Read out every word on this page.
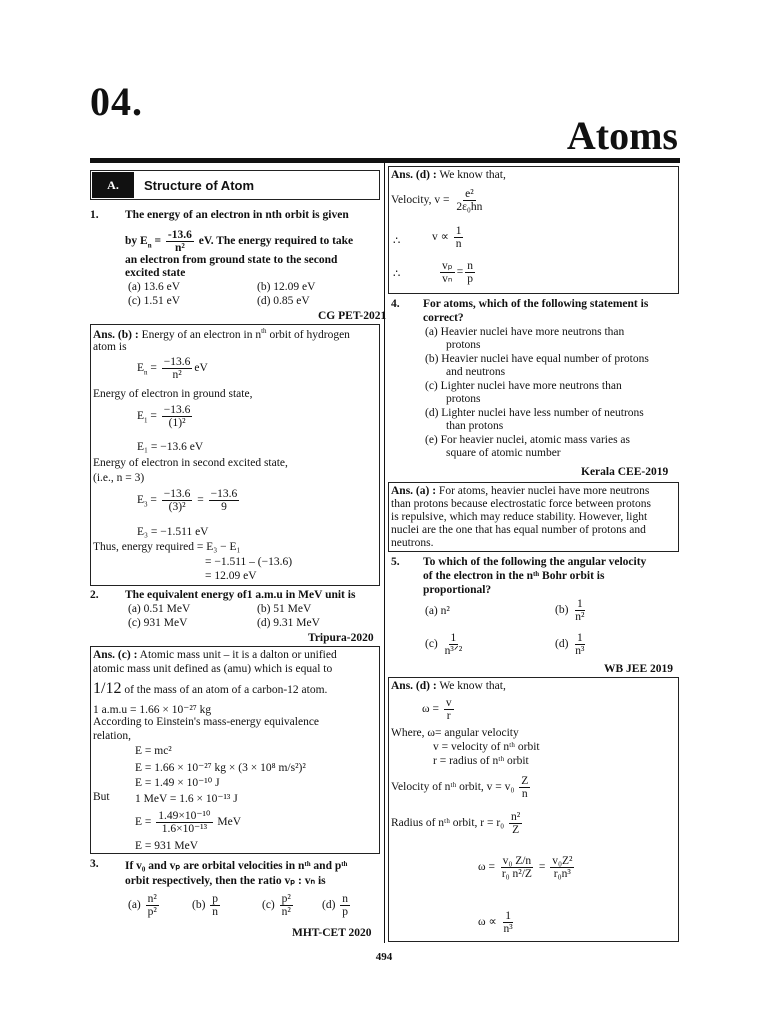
04.
Atoms
A.	Structure of Atom
1. The energy of an electron in nth orbit is given
by $E_n = \frac{-13.6}{\text{n²}}$ eV. The energy required to take
an electron from ground state to the second
excited state
(a) 13.6 eV	(b) 12.09 eV
(c) 1.51 eV	(d) 0.85 eV
CG PET-2021
Ans. (b) : Energy of an electron in $n^{th}$ orbit of hydrogen
atom is
$E_n = \frac{-13.6}{\text{n²}}$ eV
Energy of electron in ground state,
$E_1 = \frac{-13.6}{\text{(1)²}}$
E₁ = −13.6 eV
Energy of electron in second excited state,
(i.e., n = 3)
$E_3 = \frac{-13.6}{\text{(3)²}} = \frac{-13.6}{9}$
E₃ = −1.511 eV
Thus, energy required = E₃ − E₁
= −1.511 – (−13.6)
= 12.09 eV
2. The equivalent energy of1 a.m.u in MeV unit is
(a) 0.51 MeV	(b) 51 MeV
(c) 931 MeV	(d) 9.31 MeV
Tripura-2020
Ans. (c) : Atomic mass unit – it is a dalton or unified
atomic mass unit defined as (amu) which is equal to
1/12 of the mass of an atom of a carbon-12 atom.
1 a.m.u = 1.66 × 10⁻²⁷ kg
According to Einstein's mass-energy equivalence
relation,
E = mc²
E = 1.66 × 10⁻²⁷ kg × (3 × 10⁸ m/s²)²
E = 1.49 × 10⁻¹⁰ J
But 1 MeV = 1.6 × 10⁻¹³ J
$E = \frac{\text{1.49×10⁻¹⁰}}{\text{1.6×10⁻¹³}}$ MeV
E = 931 MeV
3. If v₀ and vₚ are orbital velocities in nᵗʰ and pᵗʰ
orbit respectively, then the ratio vₚ : vₙ is
$(a) \frac{\text{n²}}{\text{p²}}$	$(b) \frac{p}{n}$	$(c) \frac{\text{p²}}{\text{n²}}$	$(d) \frac{n}{p}$
MHT-CET 2020
Ans. (d) : We know that,
Velocity, $v = \frac{\text{e²}}{\text{2ε₀hn}}$
∴	$v \propto \frac{1}{n}$
∴	$\frac{\text{vₚ}}{\text{vₙ}} = \frac{n}{p}$
4. For atoms, which of the following statement is
correct?
(a) Heavier nuclei have more neutrons than
protons
(b) Heavier nuclei have equal number of protons
and neutrons
(c) Lighter nuclei have more neutrons than
protons
(d) Lighter nuclei have less number of neutrons
than protons
(e) For heavier nuclei, atomic mass varies as
square of atomic number
Kerala CEE-2019
Ans. (a) : For atoms, heavier nuclei have more neutrons
than protons because electrostatic force between protons
is repulsive, which may reduce stability. However, light
nuclei are the one that has equal number of protons and
neutrons.
5. To which of the following the angular velocity
of the electron in the nᵗʰ Bohr orbit is
proportional?
(a) n²	$(b) \frac{1}{\text{n²}}$
$(c) \frac{1}{\text{n³ᐟ²}}$	$(d) \frac{1}{\text{n³}}$
WB JEE 2019
Ans. (d) : We know that,
$\omega = \frac{v}{r}$
Where, ω= angular velocity
v = velocity of nᵗʰ orbit
r = radius of nᵗʰ orbit
Velocity of nᵗʰ orbit, $v = v_0 \frac{Z}{n}$
Radius of nᵗʰ orbit, $r = r_0 \frac{\text{n²}}{Z}$
$\omega = \frac{\text{v₀ Z/n}}{\text{r₀ n²/Z}} = \frac{\text{v₀Z²}}{\text{r₀n³}}$
$\omega \propto \frac{1}{\text{n³}}$
494
